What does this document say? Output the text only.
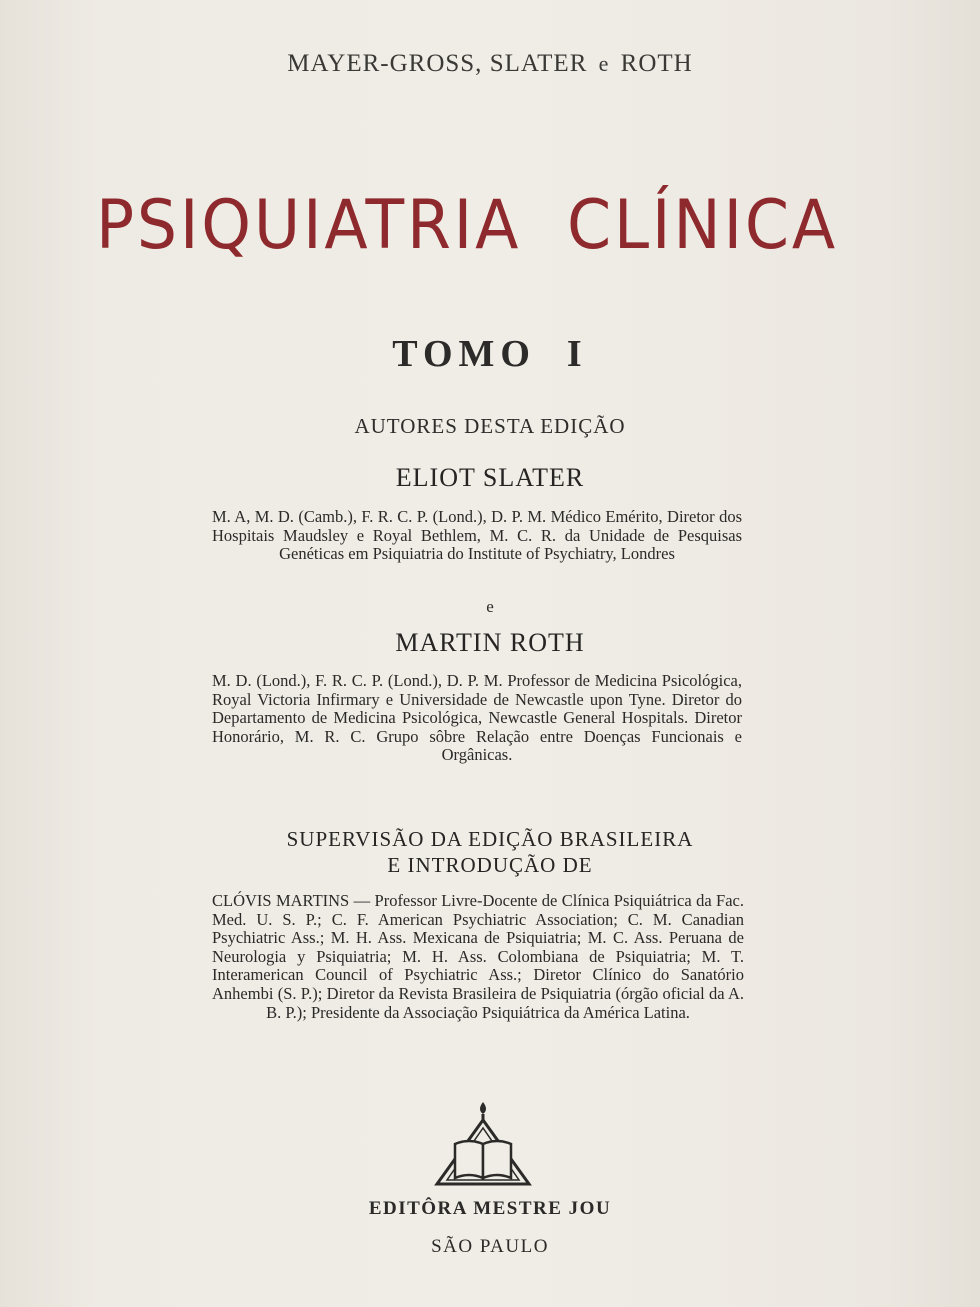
MAYER-GROSS, SLATER e ROTH
PSIQUIATRIA  CLÍNICA
TOMO  I
AUTORES DESTA EDIÇÃO
ELIOT SLATER
M. A, M. D. (Camb.), F. R. C. P. (Lond.), D. P. M. Médico Emérito, Diretor dos Hospitais Maudsley e Royal Bethlem, M. C. R. da Unidade de Pesquisas Genéticas em Psiquiatria do Institute of Psychiatry, Londres
e
MARTIN ROTH
M. D. (Lond.), F. R. C. P. (Lond.), D. P. M. Professor de Medicina Psicológica, Royal Victoria Infirmary e Universidade de Newcastle upon Tyne. Diretor do Departamento de Medicina Psicológica, Newcastle General Hospitals. Diretor Honorário, M. R. C. Grupo sôbre Relação entre Doenças Funcionais e Orgânicas.
SUPERVISÃO DA EDIÇÃO BRASILEIRA
E INTRODUÇÃO DE
CLÓVIS MARTINS — Professor Livre-Docente de Clínica Psiquiátrica da Fac. Med. U. S. P.; C. F. American Psychiatric Association; C. M. Canadian Psychiatric Ass.; M. H. Ass. Mexicana de Psiquiatria; M. C. Ass. Peruana de Neurologia y Psiquiatria; M. H. Ass. Colombiana de Psiquiatria; M. T. Interamerican Council of Psychiatric Ass.; Diretor Clínico do Sanatório Anhembi (S. P.); Diretor da Revista Brasileira de Psiquiatria (órgão oficial da A. B. P.); Presidente da Associação Psiquiátrica da América Latina.
EDITÔRA MESTRE JOU
SÃO PAULO
